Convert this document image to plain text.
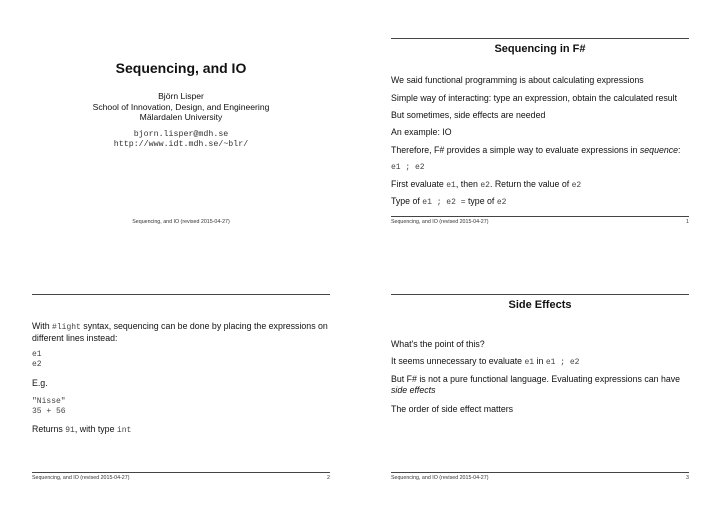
Sequencing, and IO
Björn Lisper
School of Innovation, Design, and Engineering
Mälardalen University
bjorn.lisper@mdh.se
http://www.idt.mdh.se/~blr/
Sequencing, and IO (revised 2015-04-27)
Sequencing in F#
We said functional programming is about calculating expressions
Simple way of interacting: type an expression, obtain the calculated result
But sometimes, side effects are needed
An example: IO
Therefore, F# provides a simple way to evaluate expressions in sequence:
e1 ; e2
First evaluate e1, then e2. Return the value of e2
Type of e1 ; e2 = type of e2
Sequencing, and IO (revised 2015-04-27)	1
With #light syntax, sequencing can be done by placing the expressions on different lines instead:
e1
e2
E.g.
"Nisse"
35 + 56
Returns 91, with type int
Sequencing, and IO (revised 2015-04-27)	2
Side Effects
What's the point of this?
It seems unnecessary to evaluate e1 in e1 ; e2
But F# is not a pure functional language. Evaluating expressions can have
side effects
The order of side effect matters
Sequencing, and IO (revised 2015-04-27)	3
